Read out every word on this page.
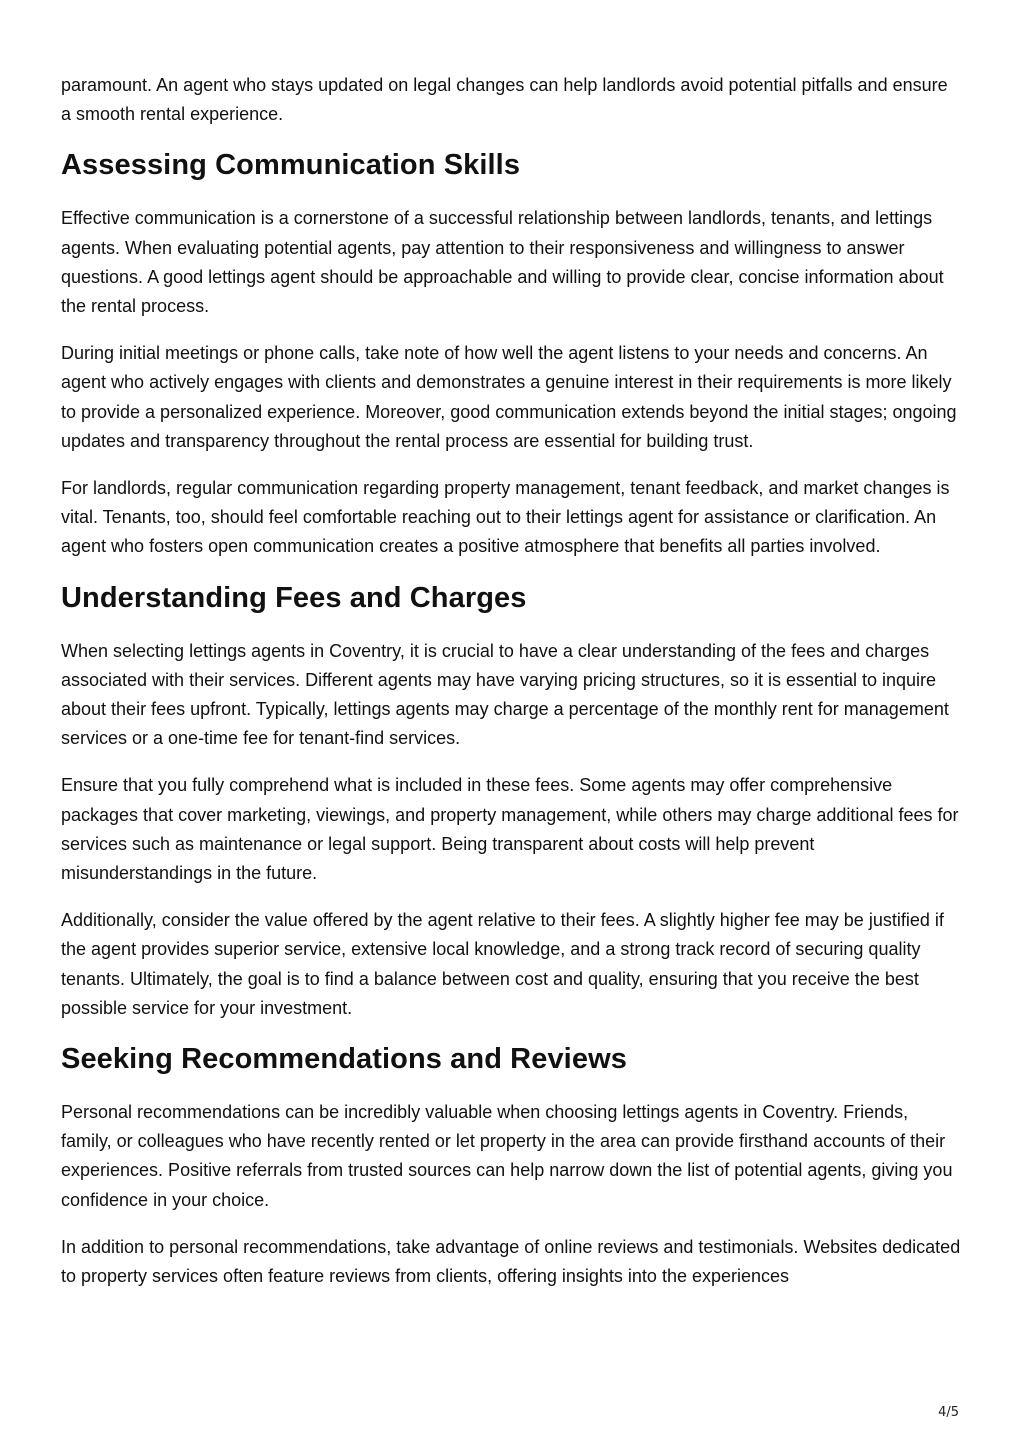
paramount. An agent who stays updated on legal changes can help landlords avoid potential pitfalls and ensure a smooth rental experience.

Assessing Communication Skills

Effective communication is a cornerstone of a successful relationship between landlords, tenants, and lettings agents. When evaluating potential agents, pay attention to their responsiveness and willingness to answer questions. A good lettings agent should be approachable and willing to provide clear, concise information about the rental process.

During initial meetings or phone calls, take note of how well the agent listens to your needs and concerns. An agent who actively engages with clients and demonstrates a genuine interest in their requirements is more likely to provide a personalized experience. Moreover, good communication extends beyond the initial stages; ongoing updates and transparency throughout the rental process are essential for building trust.

For landlords, regular communication regarding property management, tenant feedback, and market changes is vital. Tenants, too, should feel comfortable reaching out to their lettings agent for assistance or clarification. An agent who fosters open communication creates a positive atmosphere that benefits all parties involved.

Understanding Fees and Charges

When selecting lettings agents in Coventry, it is crucial to have a clear understanding of the fees and charges associated with their services. Different agents may have varying pricing structures, so it is essential to inquire about their fees upfront. Typically, lettings agents may charge a percentage of the monthly rent for management services or a one-time fee for tenant-find services.

Ensure that you fully comprehend what is included in these fees. Some agents may offer comprehensive packages that cover marketing, viewings, and property management, while others may charge additional fees for services such as maintenance or legal support. Being transparent about costs will help prevent misunderstandings in the future.

Additionally, consider the value offered by the agent relative to their fees. A slightly higher fee may be justified if the agent provides superior service, extensive local knowledge, and a strong track record of securing quality tenants. Ultimately, the goal is to find a balance between cost and quality, ensuring that you receive the best possible service for your investment.

Seeking Recommendations and Reviews

Personal recommendations can be incredibly valuable when choosing lettings agents in Coventry. Friends, family, or colleagues who have recently rented or let property in the area can provide firsthand accounts of their experiences. Positive referrals from trusted sources can help narrow down the list of potential agents, giving you confidence in your choice.

In addition to personal recommendations, take advantage of online reviews and testimonials. Websites dedicated to property services often feature reviews from clients, offering insights into the experiences

4/5
